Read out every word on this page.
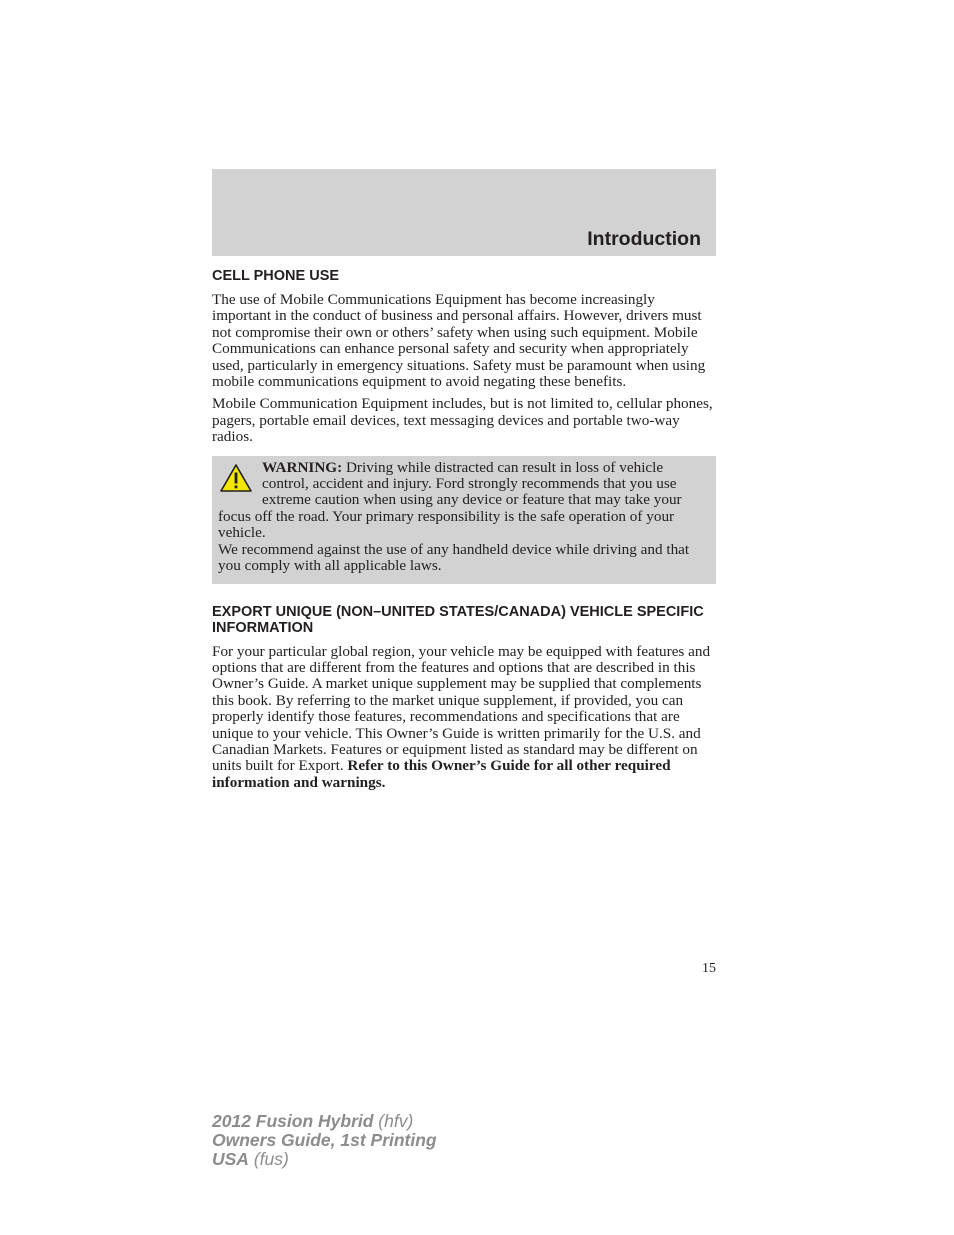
Introduction
CELL PHONE USE

The use of Mobile Communications Equipment has become increasingly important in the conduct of business and personal affairs. However, drivers must not compromise their own or others’ safety when using such equipment. Mobile Communications can enhance personal safety and security when appropriately used, particularly in emergency situations. Safety must be paramount when using mobile communications equipment to avoid negating these benefits.

Mobile Communication Equipment includes, but is not limited to, cellular phones, pagers, portable email devices, text messaging devices and portable two-way radios.

WARNING: Driving while distracted can result in loss of vehicle control, accident and injury. Ford strongly recommends that you use extreme caution when using any device or feature that may take your focus off the road. Your primary responsibility is the safe operation of your vehicle.
We recommend against the use of any handheld device while driving and that you comply with all applicable laws.
EXPORT UNIQUE (NON–UNITED STATES/CANADA) VEHICLE SPECIFIC INFORMATION

For your particular global region, your vehicle may be equipped with features and options that are different from the features and options that are described in this Owner’s Guide. A market unique supplement may be supplied that complements this book. By referring to the market unique supplement, if provided, you can properly identify those features, recommendations and specifications that are unique to your vehicle. This Owner’s Guide is written primarily for the U.S. and Canadian Markets. Features or equipment listed as standard may be different on units built for Export. Refer to this Owner’s Guide for all other required information and warnings.

15
2012 Fusion Hybrid (hfv)
Owners Guide, 1st Printing
USA (fus)
